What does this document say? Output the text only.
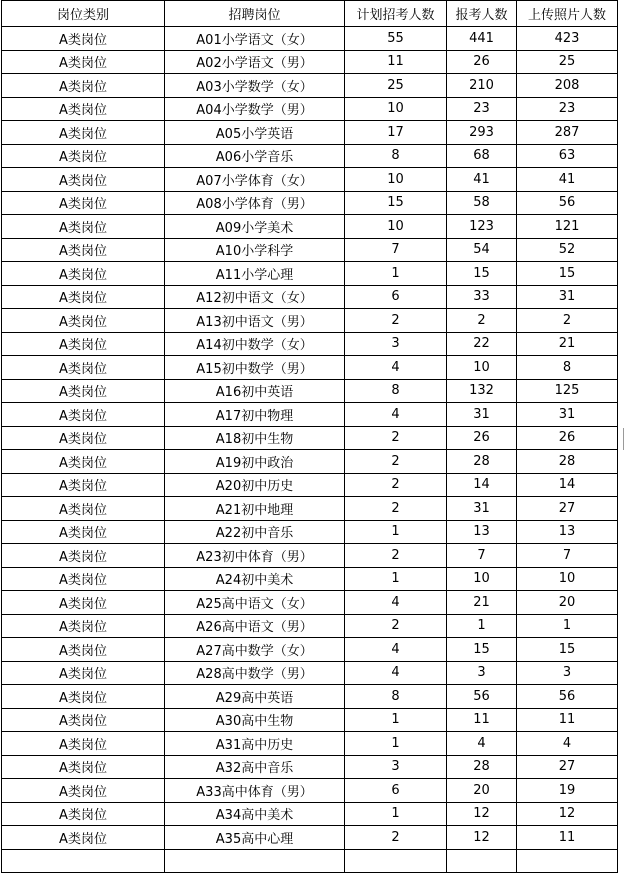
岗位类别	招聘岗位	计划招考人数	报考人数	上传照片人数
A类岗位	A01小学语文（女）	55	441	423
A类岗位	A02小学语文（男）	11	26	25
A类岗位	A03小学数学（女）	25	210	208
A类岗位	A04小学数学（男）	10	23	23
A类岗位	A05小学英语	17	293	287
A类岗位	A06小学音乐	8	68	63
A类岗位	A07小学体育（女）	10	41	41
A类岗位	A08小学体育（男）	15	58	56
A类岗位	A09小学美术	10	123	121
A类岗位	A10小学科学	7	54	52
A类岗位	A11小学心理	1	15	15
A类岗位	A12初中语文（女）	6	33	31
A类岗位	A13初中语文（男）	2	2	2
A类岗位	A14初中数学（女）	3	22	21
A类岗位	A15初中数学（男）	4	10	8
A类岗位	A16初中英语	8	132	125
A类岗位	A17初中物理	4	31	31
A类岗位	A18初中生物	2	26	26
A类岗位	A19初中政治	2	28	28
A类岗位	A20初中历史	2	14	14
A类岗位	A21初中地理	2	31	27
A类岗位	A22初中音乐	1	13	13
A类岗位	A23初中体育（男）	2	7	7
A类岗位	A24初中美术	1	10	10
A类岗位	A25高中语文（女）	4	21	20
A类岗位	A26高中语文（男）	2	1	1
A类岗位	A27高中数学（女）	4	15	15
A类岗位	A28高中数学（男）	4	3	3
A类岗位	A29高中英语	8	56	56
A类岗位	A30高中生物	1	11	11
A类岗位	A31高中历史	1	4	4
A类岗位	A32高中音乐	3	28	27
A类岗位	A33高中体育（男）	6	20	19
A类岗位	A34高中美术	1	12	12
A类岗位	A35高中心理	2	12	11
